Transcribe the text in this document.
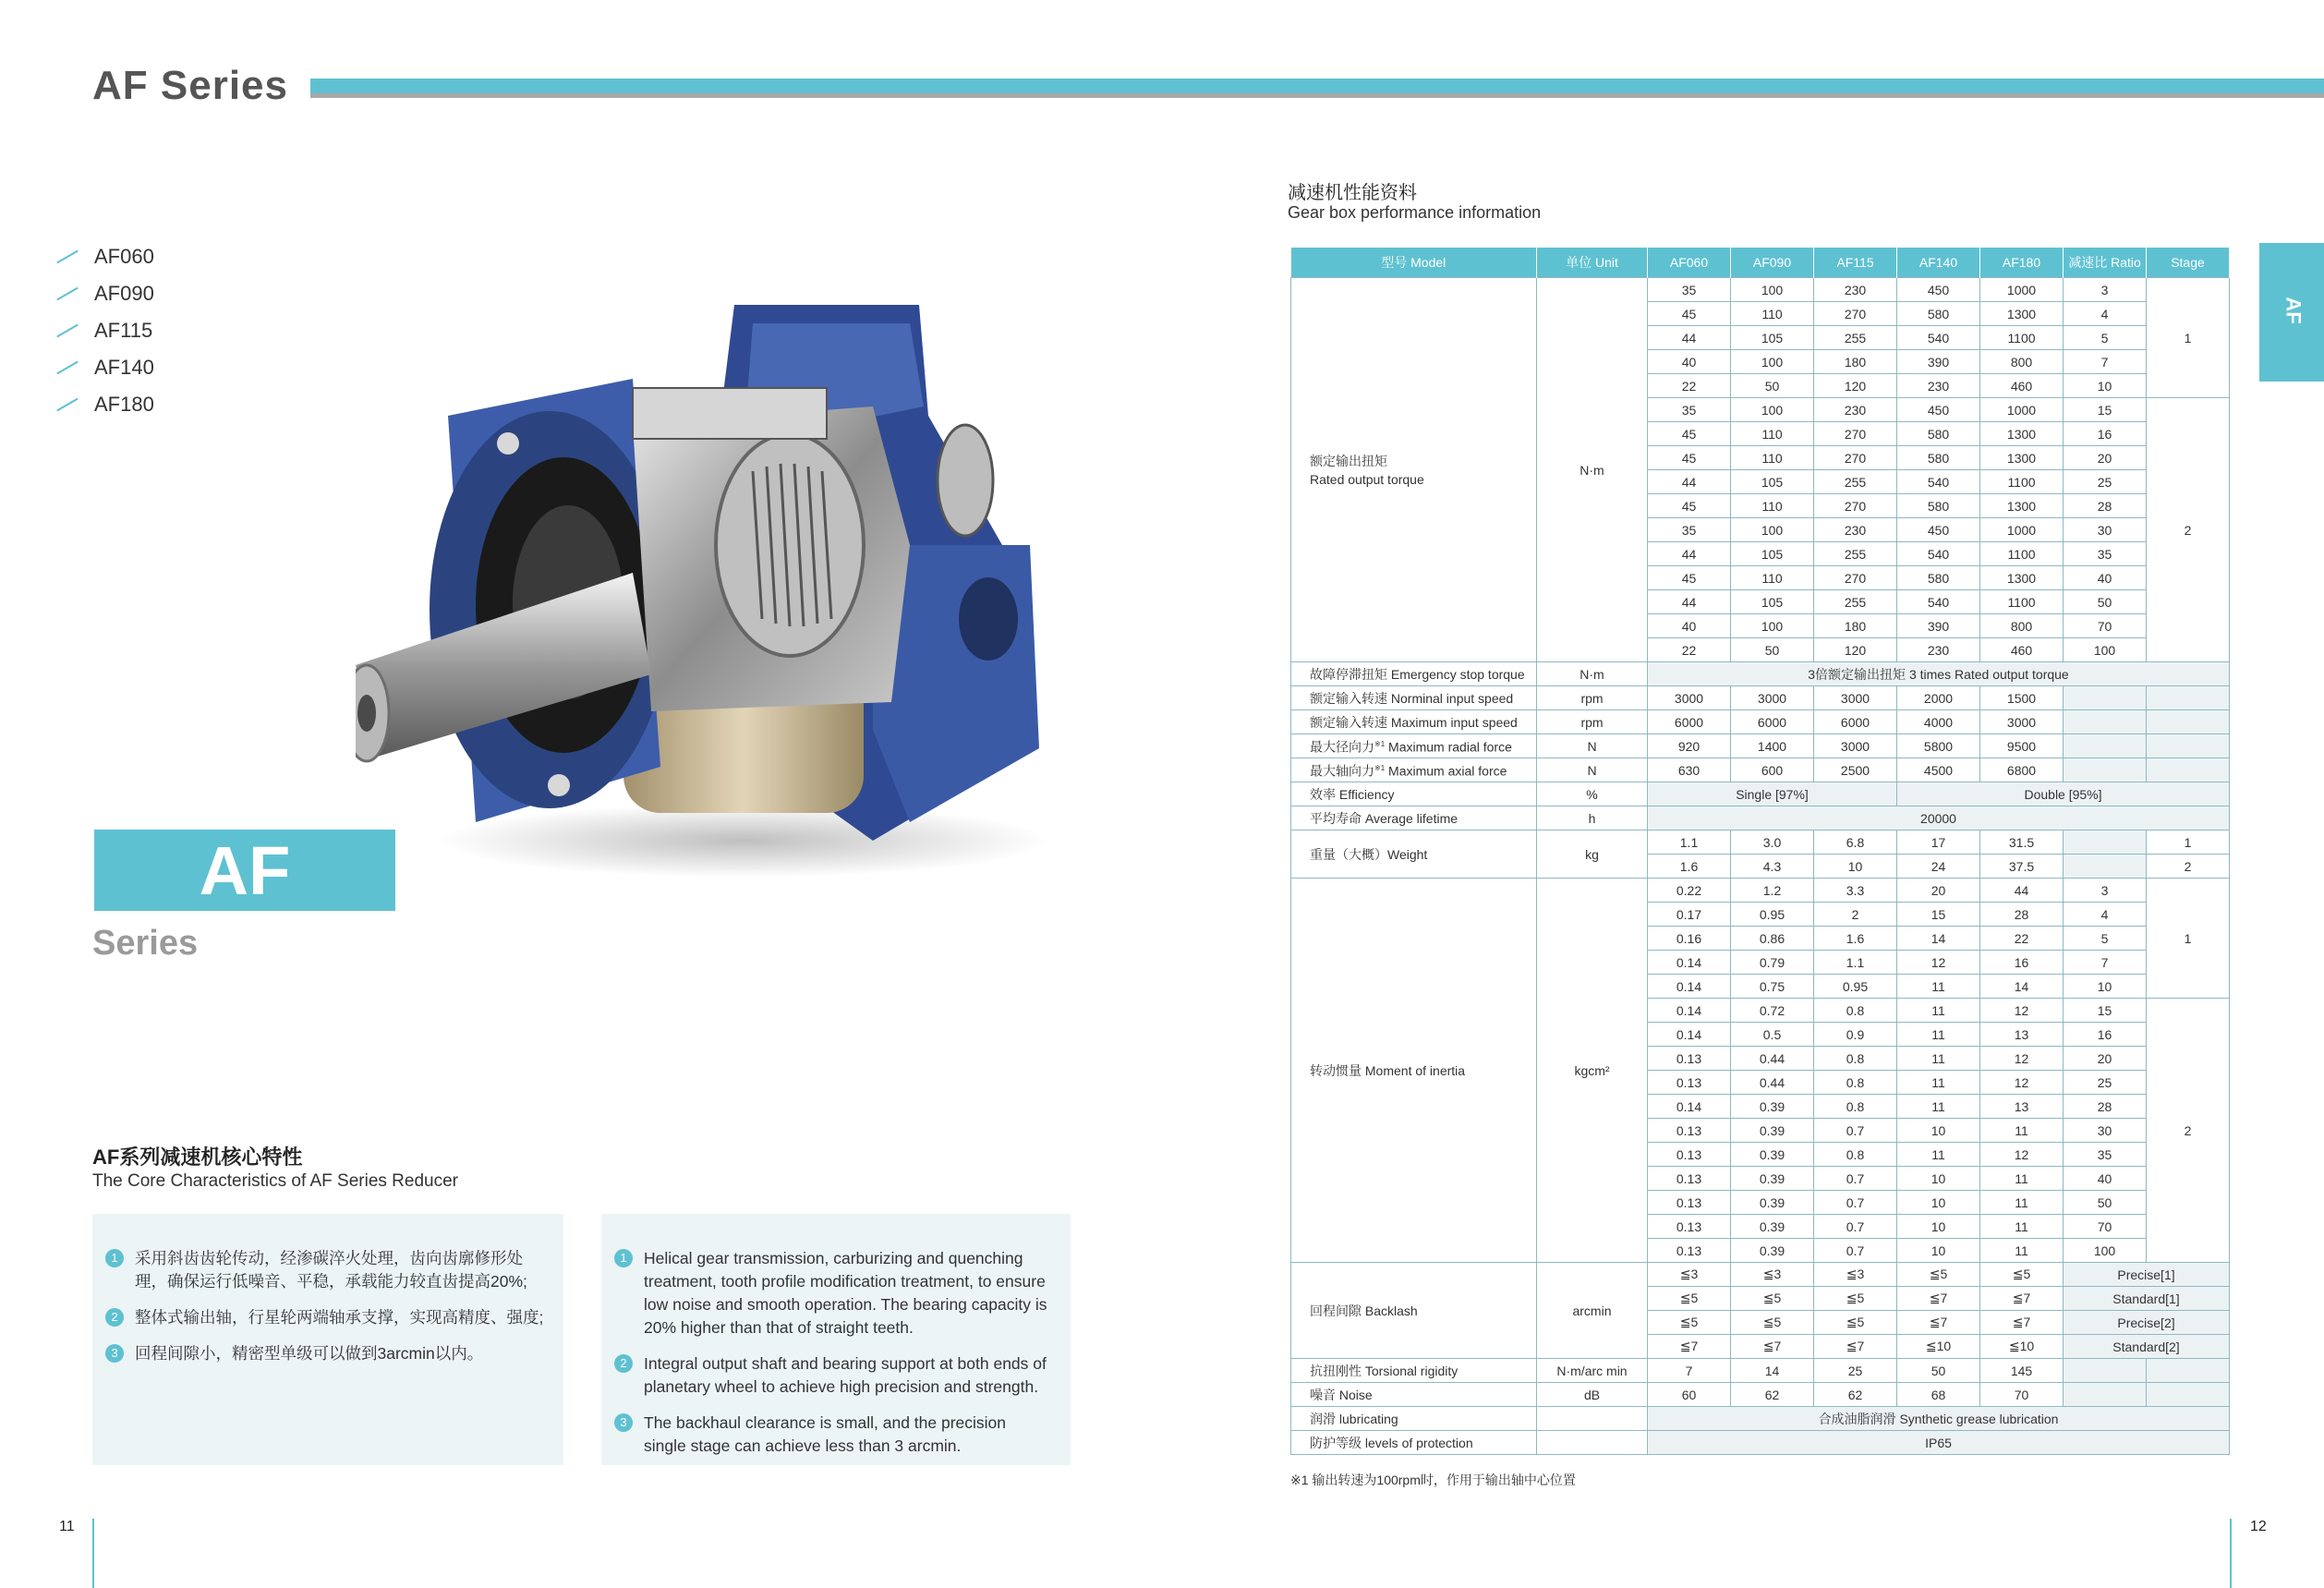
AF Series
AF060
AF090
AF115
AF140
AF180
AF
Series
AF系列减速机核心特性
The Core Characteristics of AF Series Reducer
1	采用斜齿齿轮传动，经渗碳淬火处理，齿向齿廓修形处理，确保运行低噪音、平稳，承载能力较直齿提高20%;
2	整体式输出轴，行星轮两端轴承支撑，实现高精度、强度;
3	回程间隙小，精密型单级可以做到3arcmin以内。
1	Helical gear transmission, carburizing and quenching treatment, tooth profile modification treatment, to ensure low noise and smooth operation. The bearing capacity is 20% higher than that of straight teeth.
2	Integral output shaft and bearing support at both ends of planetary wheel to achieve high precision and strength.
3	The backhaul clearance is small, and the precision single stage can achieve less than 3 arcmin.
11	12
AF
减速机性能资料
Gear box performance information
型号 Model	单位 Unit	AF060	AF090	AF115	AF140	AF180	减速比 Ratio	Stage
额定输出扭矩
Rated output torque	N·m	35	100	230	450	1000	3	1
		45	110	270	580	1300	4	
		44	105	255	540	1100	5	
		40	100	180	390	800	7	
		22	50	120	230	460	10	
		35	100	230	450	1000	15	2
		45	110	270	580	1300	16	
		45	110	270	580	1300	20	
		44	105	255	540	1100	25	
		45	110	270	580	1300	28	
		35	100	230	450	1000	30	
		44	105	255	540	1100	35	
		45	110	270	580	1300	40	
		44	105	255	540	1100	50	
		40	100	180	390	800	70	
		22	50	120	230	460	100	
故障停滞扭矩 Emergency stop torque	N·m	3倍额定输出扭矩 3 times Rated output torque						
额定输入转速 Norminal input speed	rpm	3000	3000	3000	2000	1500		
额定输入转速 Maximum input speed	rpm	6000	6000	6000	4000	3000		
最大径向力$^{※1}$ Maximum radial force	N	920	1400	3000	5800	9500		
最大轴向力$^{※1}$ Maximum axial force	N	630	600	2500	4500	6800		
效率 Efficiency	%	Single [97%]			Double [95%]			
平均寿命 Average lifetime	h	20000						
重量（大概）Weight	kg	1.1	3.0	6.8	17	31.5		1
		1.6	4.3	10	24	37.5		2
转动惯量 Moment of inertia	kgcm²	0.22	1.2	3.3	20	44	3	1
		0.17	0.95	2	15	28	4	
		0.16	0.86	1.6	14	22	5	
		0.14	0.79	1.1	12	16	7	
		0.14	0.75	0.95	11	14	10	
		0.14	0.72	0.8	11	12	15	2
		0.14	0.5	0.9	11	13	16	
		0.13	0.44	0.8	11	12	20	
		0.13	0.44	0.8	11	12	25	
		0.14	0.39	0.8	11	13	28	
		0.13	0.39	0.7	10	11	30	
		0.13	0.39	0.8	11	12	35	
		0.13	0.39	0.7	10	11	40	
		0.13	0.39	0.7	10	11	50	
		0.13	0.39	0.7	10	11	70	
		0.13	0.39	0.7	10	11	100	
回程间隙 Backlash	arcmin	≦3	≦3	≦3	≦5	≦5	Precise[1]	
		≦5	≦5	≦5	≦7	≦7	Standard[1]	
		≦5	≦5	≦5	≦7	≦7	Precise[2]	
		≦7	≦7	≦7	≦10	≦10	Standard[2]	
抗扭刚性 Torsional rigidity	N·m/arc min	7	14	25	50	145		
噪音 Noise	dB	60	62	62	68	70		
润滑 lubricating		合成油脂润滑 Synthetic grease lubrication						
防护等级 levels of protection		IP65						
※1 输出转速为100rpm时，作用于输出轴中心位置
